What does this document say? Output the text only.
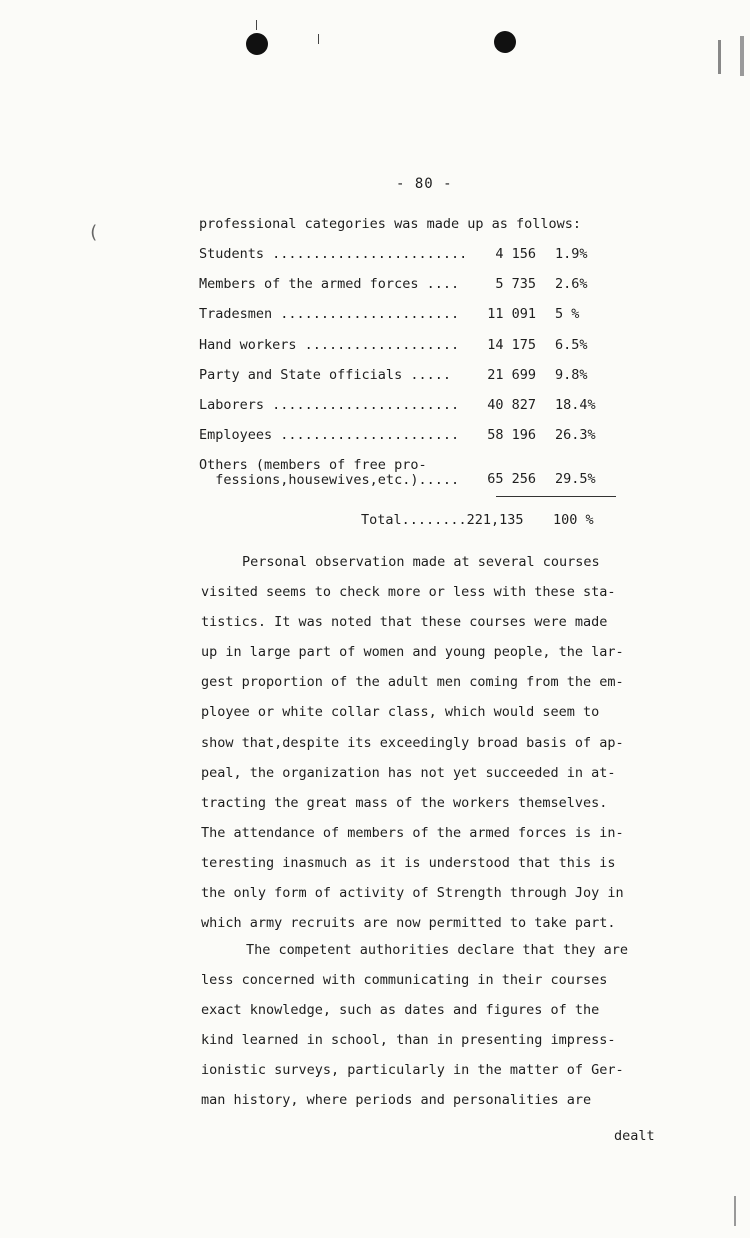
(
- 80 -
professional categories was made up as follows:
Students ........................	4 156 1.9%
Members of the armed forces ....	5 735 2.6%
Tradesmen ......................	11 091 5 %
Hand workers ...................	14 175 6.5%
Party and State officials .....	21 699 9.8%
Laborers .......................	40 827 18.4%
Employees ......................	58 196 26.3%
Others (members of free pro-
fessions,housewives,etc.).....	65 256 29.5%
Total........221,135 100 %
Personal observation made at several courses
visited seems to check more or less with these sta-
tistics. It was noted that these courses were made
up in large part of women and young people, the lar-
gest proportion of the adult men coming from the em-
ployee or white collar class, which would seem to
show that,despite its exceedingly broad basis of ap-
peal, the organization has not yet succeeded in at-
tracting the great mass of the workers themselves.
The attendance of members of the armed forces is in-
teresting inasmuch as it is understood that this is
the only form of activity of Strength through Joy in
which army recruits are now permitted to take part.
The competent authorities declare that they are
less concerned with communicating in their courses
exact knowledge, such as dates and figures of the
kind learned in school, than in presenting impress-
ionistic surveys, particularly in the matter of Ger-
man history, where periods and personalities are
dealt
